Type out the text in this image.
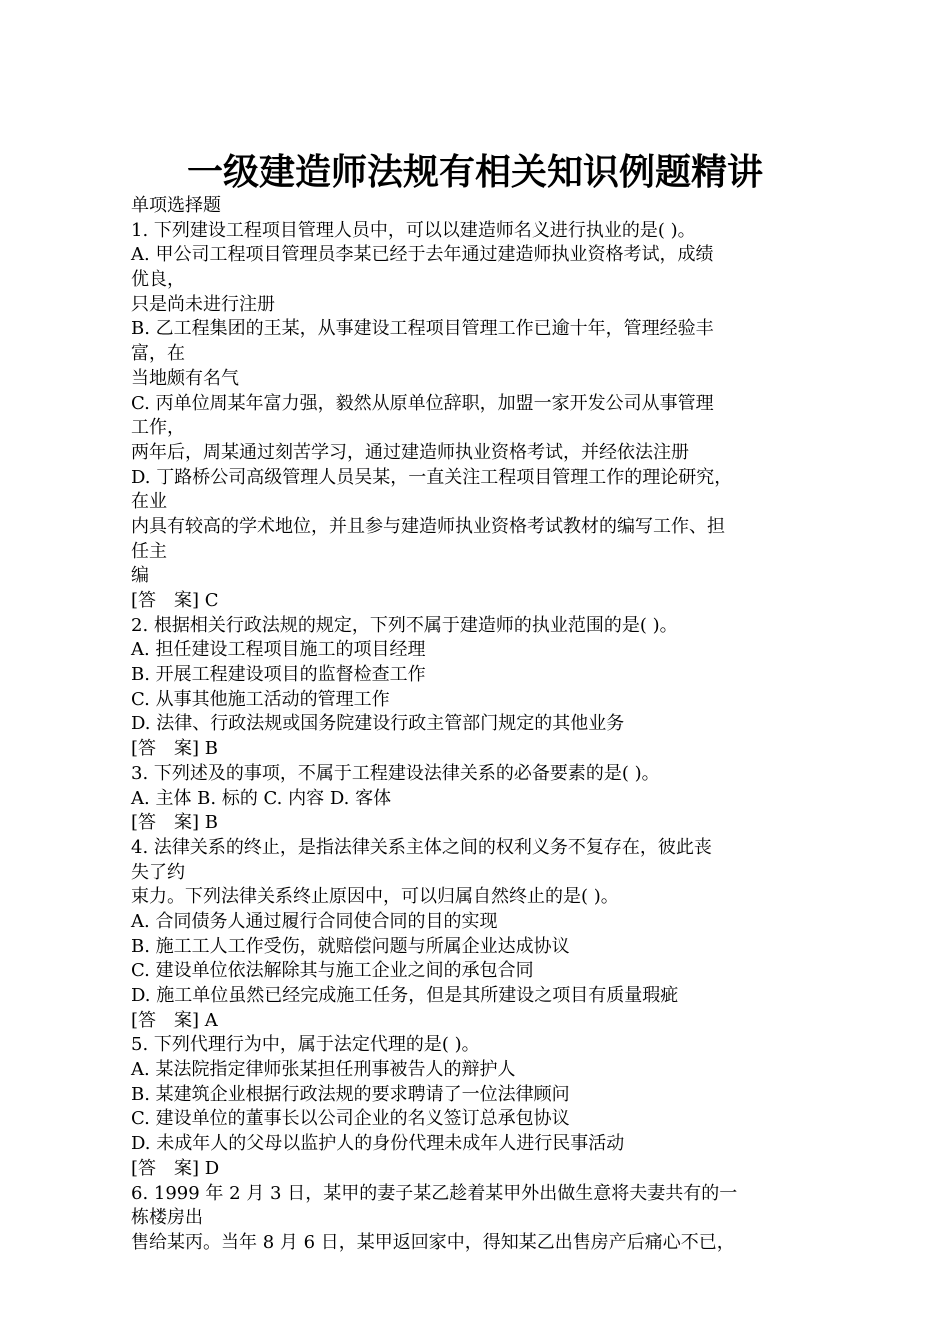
一级建造师法规有相关知识例题精讲
单项选择题
1. 下列建设工程项目管理人员中，可以以建造师名义进行执业的是( )。
A. 甲公司工程项目管理员李某已经于去年通过建造师执业资格考试，成绩
优良，
只是尚未进行注册
B. 乙工程集团的王某，从事建设工程项目管理工作已逾十年，管理经验丰
富，在
当地颇有名气
C. 丙单位周某年富力强，毅然从原单位辞职，加盟一家开发公司从事管理
工作，
两年后，周某通过刻苦学习，通过建造师执业资格考试，并经依法注册
D. 丁路桥公司高级管理人员吴某，一直关注工程项目管理工作的理论研究，
在业
内具有较高的学术地位，并且参与建造师执业资格考试教材的编写工作、担
任主
编
[答　案] C
2. 根据相关行政法规的规定，下列不属于建造师的执业范围的是( )。
A. 担任建设工程项目施工的项目经理
B. 开展工程建设项目的监督检查工作
C. 从事其他施工活动的管理工作
D. 法律、行政法规或国务院建设行政主管部门规定的其他业务
[答　案] B
3. 下列述及的事项，不属于工程建设法律关系的必备要素的是( )。
A. 主体 B. 标的 C. 内容 D. 客体
[答　案] B
4. 法律关系的终止，是指法律关系主体之间的权利义务不复存在，彼此丧
失了约
束力。下列法律关系终止原因中，可以归属自然终止的是( )。
A. 合同债务人通过履行合同使合同的目的实现
B. 施工工人工作受伤，就赔偿问题与所属企业达成协议
C. 建设单位依法解除其与施工企业之间的承包合同
D. 施工单位虽然已经完成施工任务，但是其所建设之项目有质量瑕疵
[答　案] A
5. 下列代理行为中，属于法定代理的是( )。
A. 某法院指定律师张某担任刑事被告人的辩护人
B. 某建筑企业根据行政法规的要求聘请了一位法律顾问
C. 建设单位的董事长以公司企业的名义签订总承包协议
D. 未成年人的父母以监护人的身份代理未成年人进行民事活动
[答　案] D
6. 1999 年 2 月 3 日，某甲的妻子某乙趁着某甲外出做生意将夫妻共有的一
栋楼房出
售给某丙。当年 8 月 6 日，某甲返回家中，得知某乙出售房产后痛心不已，
